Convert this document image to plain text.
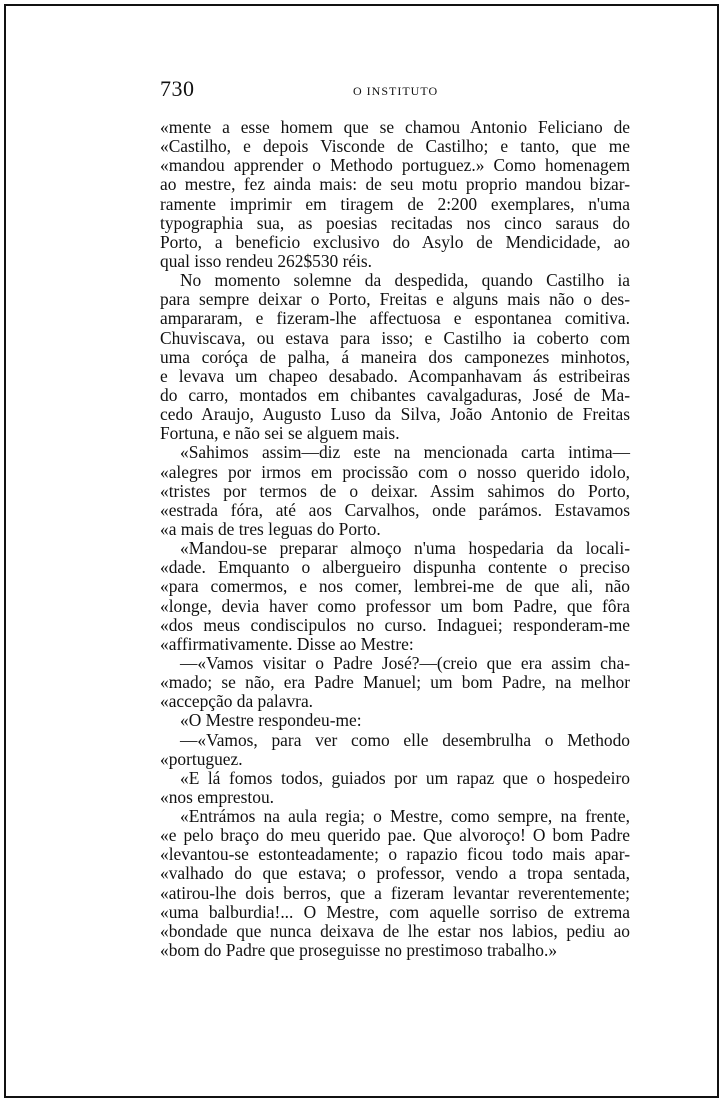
730	O INSTITUTO
«mente a esse homem que se chamou Antonio Feliciano de
«Castilho, e depois Visconde de Castilho; e tanto, que me
«mandou apprender o Methodo portuguez.» Como homenagem
ao mestre, fez ainda mais: de seu motu proprio mandou bizar-
ramente imprimir em tiragem de 2:200 exemplares, n'uma
typographia sua, as poesias recitadas nos cinco saraus do
Porto, a beneficio exclusivo do Asylo de Mendicidade, ao
qual isso rendeu 262$530 réis.
No momento solemne da despedida, quando Castilho ia
para sempre deixar o Porto, Freitas e alguns mais não o des-
ampararam, e fizeram-lhe affectuosa e espontanea comitiva.
Chuviscava, ou estava para isso; e Castilho ia coberto com
uma coróça de palha, á maneira dos camponezes minhotos,
e levava um chapeo desabado. Acompanhavam ás estribeiras
do carro, montados em chibantes cavalgaduras, José de Ma-
cedo Araujo, Augusto Luso da Silva, João Antonio de Freitas
Fortuna, e não sei se alguem mais.
«Sahimos assim—diz este na mencionada carta intima—
«alegres por irmos em procissão com o nosso querido idolo,
«tristes por termos de o deixar. Assim sahimos do Porto,
«estrada fóra, até aos Carvalhos, onde parámos. Estavamos
«a mais de tres leguas do Porto.
«Mandou-se preparar almoço n'uma hospedaria da locali-
«dade. Emquanto o albergueiro dispunha contente o preciso
«para comermos, e nos comer, lembrei-me de que ali, não
«longe, devia haver como professor um bom Padre, que fôra
«dos meus condiscipulos no curso. Indaguei; responderam-me
«affirmativamente. Disse ao Mestre:
—«Vamos visitar o Padre José?—(creio que era assim cha-
«mado; se não, era Padre Manuel; um bom Padre, na melhor
«accepção da palavra.
«O Mestre respondeu-me:
—«Vamos, para ver como elle desembrulha o Methodo
«portuguez.
«E lá fomos todos, guiados por um rapaz que o hospedeiro
«nos emprestou.
«Entrámos na aula regia; o Mestre, como sempre, na frente,
«e pelo braço do meu querido pae. Que alvoroço! O bom Padre
«levantou-se estonteadamente; o rapazio ficou todo mais apar-
«valhado do que estava; o professor, vendo a tropa sentada,
«atirou-lhe dois berros, que a fizeram levantar reverentemente;
«uma balburdia!... O Mestre, com aquelle sorriso de extrema
«bondade que nunca deixava de lhe estar nos labios, pediu ao
«bom do Padre que proseguisse no prestimoso trabalho.»
